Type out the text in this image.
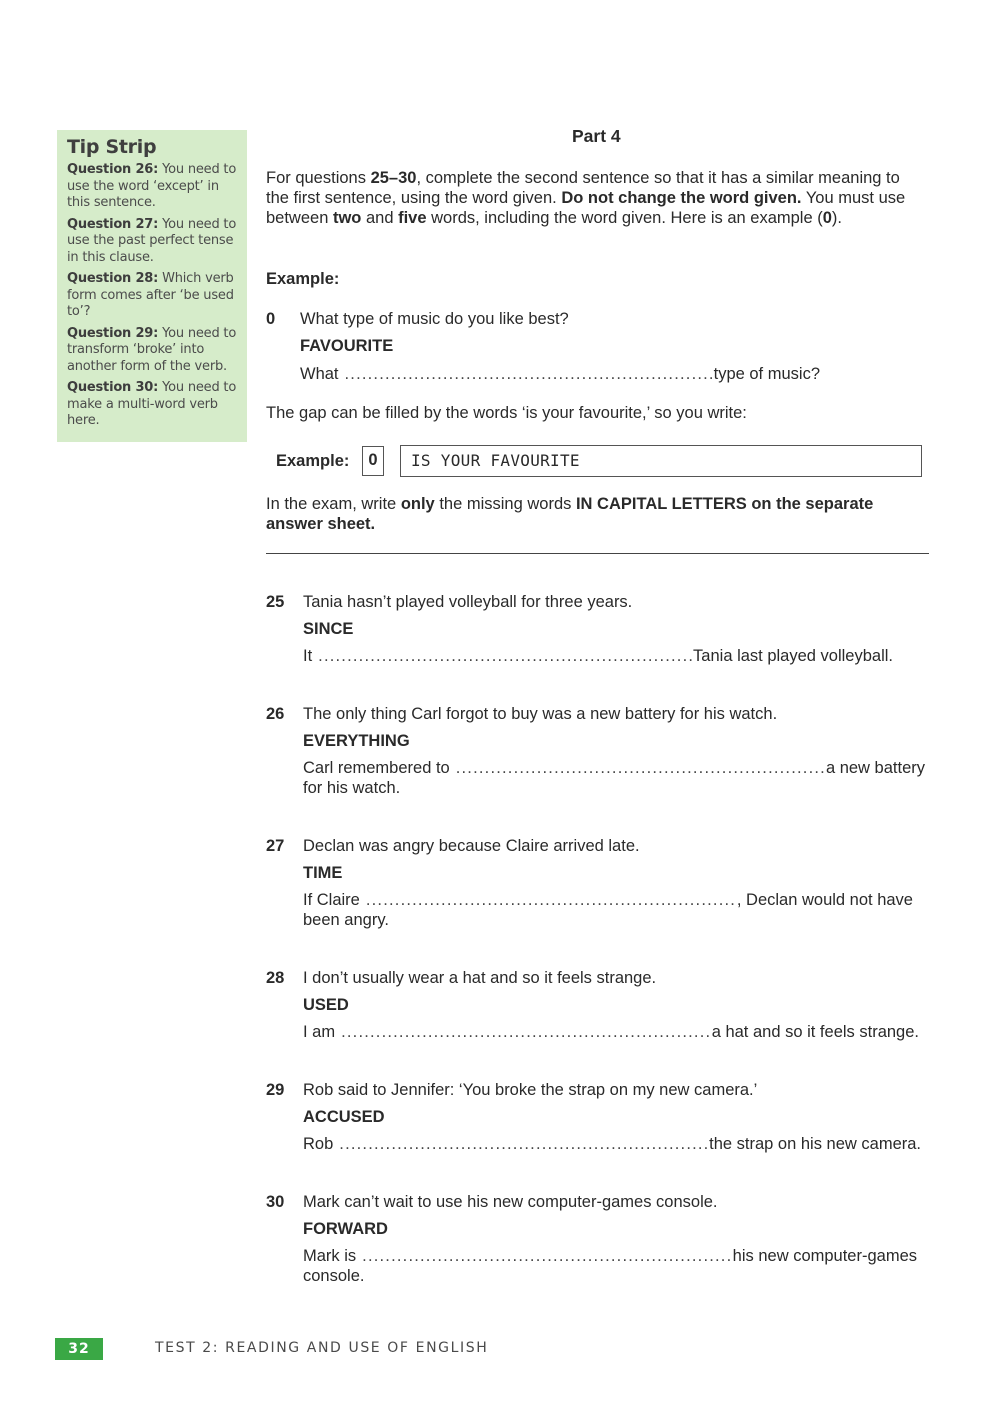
Tip Strip
Question 26: You need to use the word ‘except’ in this sentence.
Question 27: You need to use the past perfect tense in this clause.
Question 28: Which verb form comes after ‘be used to’?
Question 29: You need to transform ‘broke’ into another form of the verb.
Question 30: You need to make a multi-word verb here.
Part 4
For questions 25–30, complete the second sentence so that it has a similar meaning to the first sentence, using the word given. Do not change the word given. You must use between two and five words, including the word given. Here is an example (0).
Example:
0 What type of music do you like best?
FAVOURITE
What .....	type of music?
The gap can be filled by the words ‘is your favourite,’ so you write:
Example:	0	IS YOUR FAVOURITE
In the exam, write only the missing words IN CAPITAL LETTERS on the separate answer sheet.
25 Tania hasn’t played volleyball for three years.
SINCE
It .....	Tania last played volleyball.
26 The only thing Carl forgot to buy was a new battery for his watch.
EVERYTHING
Carl remembered to .....	a new battery
for his watch.
27 Declan was angry because Claire arrived late.
TIME
If Claire .....	, Declan would not have
been angry.
28 I don’t usually wear a hat and so it feels strange.
USED
I am .....	a hat and so it feels strange.
29 Rob said to Jennifer: ‘You broke the strap on my new camera.’
ACCUSED
Rob .....	the strap on his new camera.
30 Mark can’t wait to use his new computer-games console.
FORWARD
Mark is .....	his new computer-games
console.
32	TEST 2: READING AND USE OF ENGLISH
